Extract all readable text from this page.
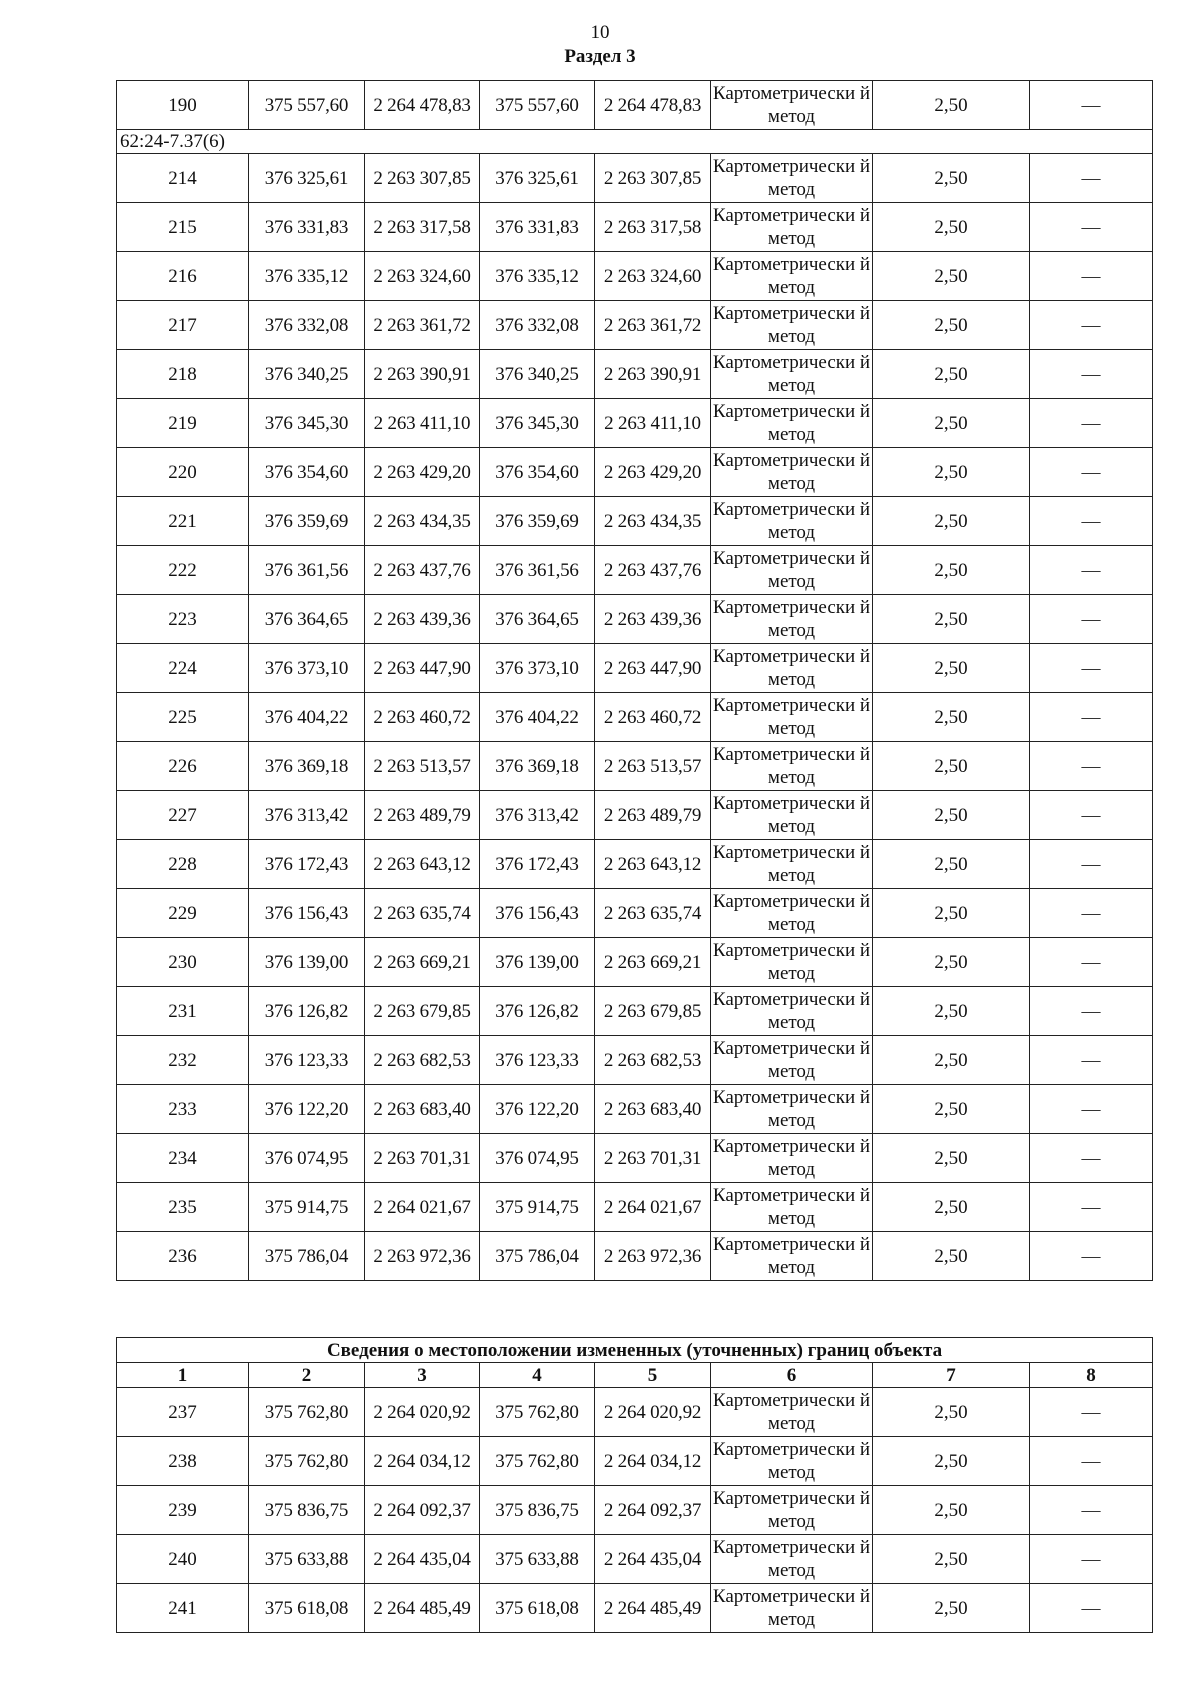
10
Раздел 3
190	375 557,60	2 264 478,83	375 557,60	2 264 478,83	Картометрически й метод	2,50	—
62:24-7.37(6)							
214	376 325,61	2 263 307,85	376 325,61	2 263 307,85	Картометрически й метод	2,50	—
215	376 331,83	2 263 317,58	376 331,83	2 263 317,58	Картометрически й метод	2,50	—
216	376 335,12	2 263 324,60	376 335,12	2 263 324,60	Картометрически й метод	2,50	—
217	376 332,08	2 263 361,72	376 332,08	2 263 361,72	Картометрически й метод	2,50	—
218	376 340,25	2 263 390,91	376 340,25	2 263 390,91	Картометрически й метод	2,50	—
219	376 345,30	2 263 411,10	376 345,30	2 263 411,10	Картометрически й метод	2,50	—
220	376 354,60	2 263 429,20	376 354,60	2 263 429,20	Картометрически й метод	2,50	—
221	376 359,69	2 263 434,35	376 359,69	2 263 434,35	Картометрически й метод	2,50	—
222	376 361,56	2 263 437,76	376 361,56	2 263 437,76	Картометрически й метод	2,50	—
223	376 364,65	2 263 439,36	376 364,65	2 263 439,36	Картометрически й метод	2,50	—
224	376 373,10	2 263 447,90	376 373,10	2 263 447,90	Картометрически й метод	2,50	—
225	376 404,22	2 263 460,72	376 404,22	2 263 460,72	Картометрически й метод	2,50	—
226	376 369,18	2 263 513,57	376 369,18	2 263 513,57	Картометрически й метод	2,50	—
227	376 313,42	2 263 489,79	376 313,42	2 263 489,79	Картометрически й метод	2,50	—
228	376 172,43	2 263 643,12	376 172,43	2 263 643,12	Картометрически й метод	2,50	—
229	376 156,43	2 263 635,74	376 156,43	2 263 635,74	Картометрически й метод	2,50	—
230	376 139,00	2 263 669,21	376 139,00	2 263 669,21	Картометрически й метод	2,50	—
231	376 126,82	2 263 679,85	376 126,82	2 263 679,85	Картометрически й метод	2,50	—
232	376 123,33	2 263 682,53	376 123,33	2 263 682,53	Картометрически й метод	2,50	—
233	376 122,20	2 263 683,40	376 122,20	2 263 683,40	Картометрически й метод	2,50	—
234	376 074,95	2 263 701,31	376 074,95	2 263 701,31	Картометрически й метод	2,50	—
235	375 914,75	2 264 021,67	375 914,75	2 264 021,67	Картометрически й метод	2,50	—
236	375 786,04	2 263 972,36	375 786,04	2 263 972,36	Картометрически й метод	2,50	—
Сведения о местоположении измененных (уточненных) границ объекта							
1	2	3	4	5	6	7	8
237	375 762,80	2 264 020,92	375 762,80	2 264 020,92	Картометрически й метод	2,50	—
238	375 762,80	2 264 034,12	375 762,80	2 264 034,12	Картометрически й метод	2,50	—
239	375 836,75	2 264 092,37	375 836,75	2 264 092,37	Картометрически й метод	2,50	—
240	375 633,88	2 264 435,04	375 633,88	2 264 435,04	Картометрически й метод	2,50	—
241	375 618,08	2 264 485,49	375 618,08	2 264 485,49	Картометрически й метод	2,50	—
